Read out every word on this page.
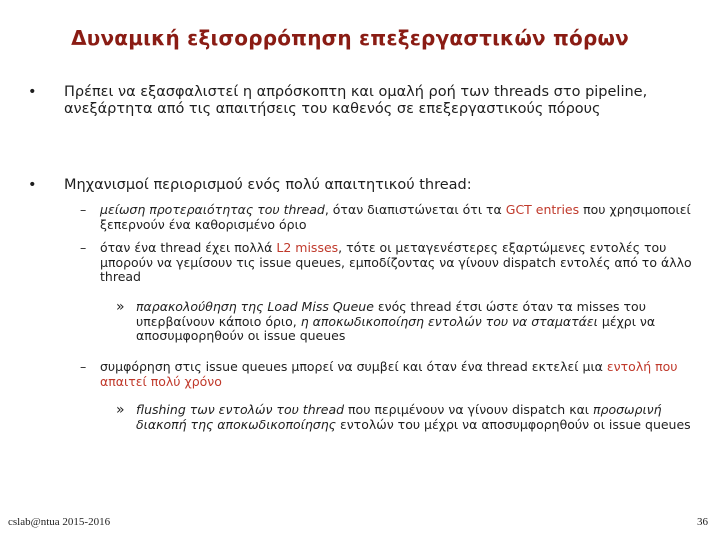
Δυναμική εξισορρόπηση επεξεργαστικών πόρων
• Πρέπει να εξασφαλιστεί η απρόσκοπτη και ομαλή ροή των threads στο pipeline, ανεξάρτητα από τις απαιτήσεις του καθενός σε επεξεργαστικούς πόρους
• Μηχανισμοί περιορισμού ενός πολύ απαιτητικού thread:
– μείωση προτεραιότητας του thread, όταν διαπιστώνεται ότι τα GCT entries που χρησιμοποιεί ξεπερνούν ένα καθορισμένο όριο
– όταν ένα thread έχει πολλά L2 misses, τότε οι μεταγενέστερες εξαρτώμενες εντολές του μπορούν να γεμίσουν τις issue queues, εμποδίζοντας να γίνουν dispatch εντολές από το άλλο thread
» παρακολούθηση της Load Miss Queue ενός thread έτσι ώστε όταν τα misses του υπερβαίνουν κάποιο όριο, η αποκωδικοποίηση εντολών του να σταματάει μέχρι να αποσυμφορηθούν οι issue queues
– συμφόρηση στις issue queues μπορεί να συμβεί και όταν ένα thread εκτελεί μια εντολή που απαιτεί πολύ χρόνο
» flushing των εντολών του thread που περιμένουν να γίνουν dispatch και προσωρινή διακοπή της αποκωδικοποίησης εντολών του μέχρι να αποσυμφορηθούν οι issue queues
cslab@ntua 2015-2016	36
